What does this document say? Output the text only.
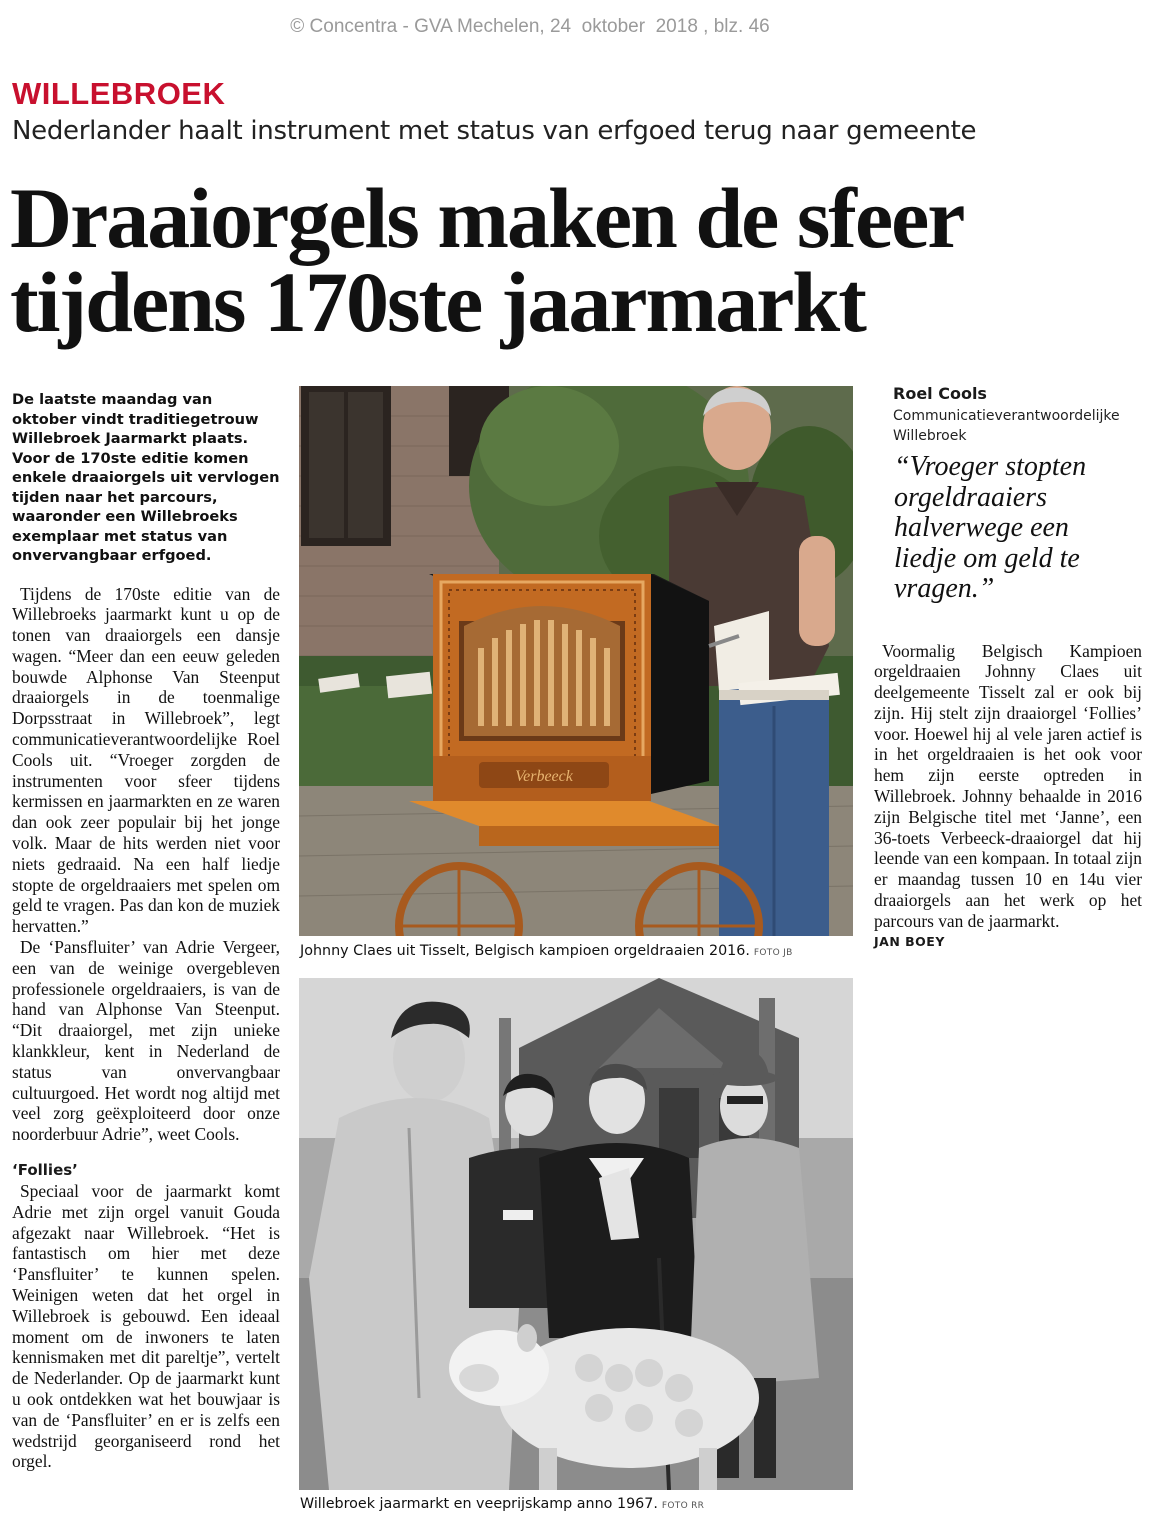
© Concentra - GVA Mechelen, 24  oktober  2018 , blz. 46
WILLEBROEK
Nederlander haalt instrument met status van erfgoed terug naar gemeente
Draaiorgels maken de sfeer tijdens 170ste jaarmarkt

De laatste maandag van oktober vindt traditiegetrouw Willebroek Jaarmarkt plaats. Voor de 170ste editie komen enkele draaiorgels uit vervlogen tijden naar het parcours, waaronder een Willebroeks exemplaar met status van onvervangbaar erfgoed.

Tijdens de 170ste editie van de Willebroeks jaarmarkt kunt u op de tonen van draaiorgels een dansje wagen. “Meer dan een eeuw geleden bouwde Alphonse Van Steenput draaiorgels in de toenmalige Dorpsstraat in Willebroek”, legt communicatieverantwoordelijke Roel Cools uit. “Vroeger zorgden de instrumenten voor sfeer tijdens kermissen en jaarmarkten en ze waren dan ook zeer populair bij het jonge volk. Maar de hits werden niet voor niets gedraaid. Na een half liedje stopte de orgeldraaiers met spelen om geld te vragen. Pas dan kon de muziek hervatten.”

De ‘Pansfluiter’ van Adrie Vergeer, een van de weinige overgebleven professionele orgeldraaiers, is van de hand van Alphonse Van Steenput. “Dit draaiorgel, met zijn unieke klankkleur, kent in Nederland de status van onvervangbaar cultuurgoed. Het wordt nog altijd met veel zorg geëxploiteerd door onze noorderbuur Adrie”, weet Cools.

‘Follies’

Speciaal voor de jaarmarkt komt Adrie met zijn orgel vanuit Gouda afgezakt naar Willebroek. “Het is fantastisch om hier met deze ‘Pansfluiter’ te kunnen spelen. Weinigen weten dat het orgel in Willebroek is gebouwd. Een ideaal moment om de inwoners te laten kennismaken met dit pareltje”, vertelt de Nederlander. Op de jaarmarkt kunt u ook ontdekken wat het bouwjaar is van de ‘Pansfluiter’ en er is zelfs een wedstrijd georganiseerd rond het orgel.

Verbeeck
Johnny Claes uit Tisselt, Belgisch kampioen orgeldraaien 2016. FOTO JB
Willebroek jaarmarkt en veeprijskamp anno 1967. FOTO RR
Roel Cools
Communicatieverantwoordelijke Willebroek
“Vroeger stopten orgeldraaiers halverwege een liedje om geld te vragen.”

Voormalig Belgisch Kampioen orgeldraaien Johnny Claes uit deelgemeente Tisselt zal er ook bij zijn. Hij stelt zijn draaiorgel ‘Follies’ voor. Hoewel hij al vele jaren actief is in het orgeldraaien is het ook voor hem zijn eerste optreden in Willebroek. Johnny behaalde in 2016 zijn Belgische titel met ‘Janne’, een 36-toets Verbeeck-draaiorgel dat hij leende van een kompaan. In totaal zijn er maandag tussen 10 en 14u vier draaiorgels aan het werk op het parcours van de jaarmarkt.

JAN BOEY
